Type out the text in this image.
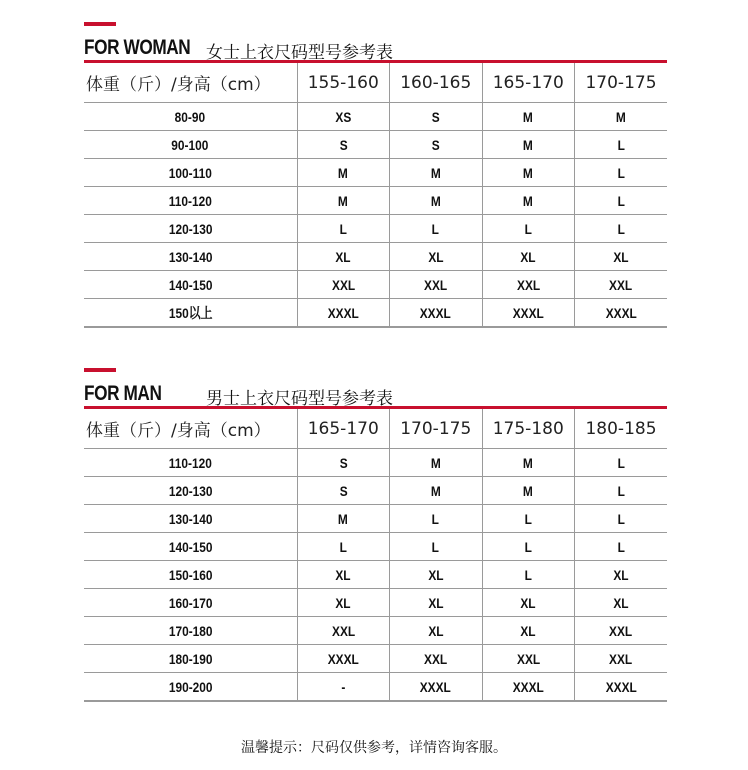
FOR WOMAN 女士上衣尺码型号参考表
体重（斤）/身高（cm）	155-160	160-165	165-170	170-175
80-90	XS	S	M	M
90-100	S	S	M	L
100-110	M	M	M	L
110-120	M	M	M	L
120-130	L	L	L	L
130-140	XL	XL	XL	XL
140-150	XXL	XXL	XXL	XXL
150以上	XXXL	XXXL	XXXL	XXXL
FOR MAN	男士上衣尺码型号参考表
体重（斤）/身高（cm）	165-170	170-175	175-180	180-185
110-120	S	M	M	L
120-130	S	M	M	L
130-140	M	L	L	L
140-150	L	L	L	L
150-160	XL	XL	L	XL
160-170	XL	XL	XL	XL
170-180	XXL	XL	XL	XXL
180-190	XXXL	XXL	XXL	XXL
190-200	-	XXXL	XXXL	XXXL
温馨提示：尺码仅供参考，详情咨询客服。
